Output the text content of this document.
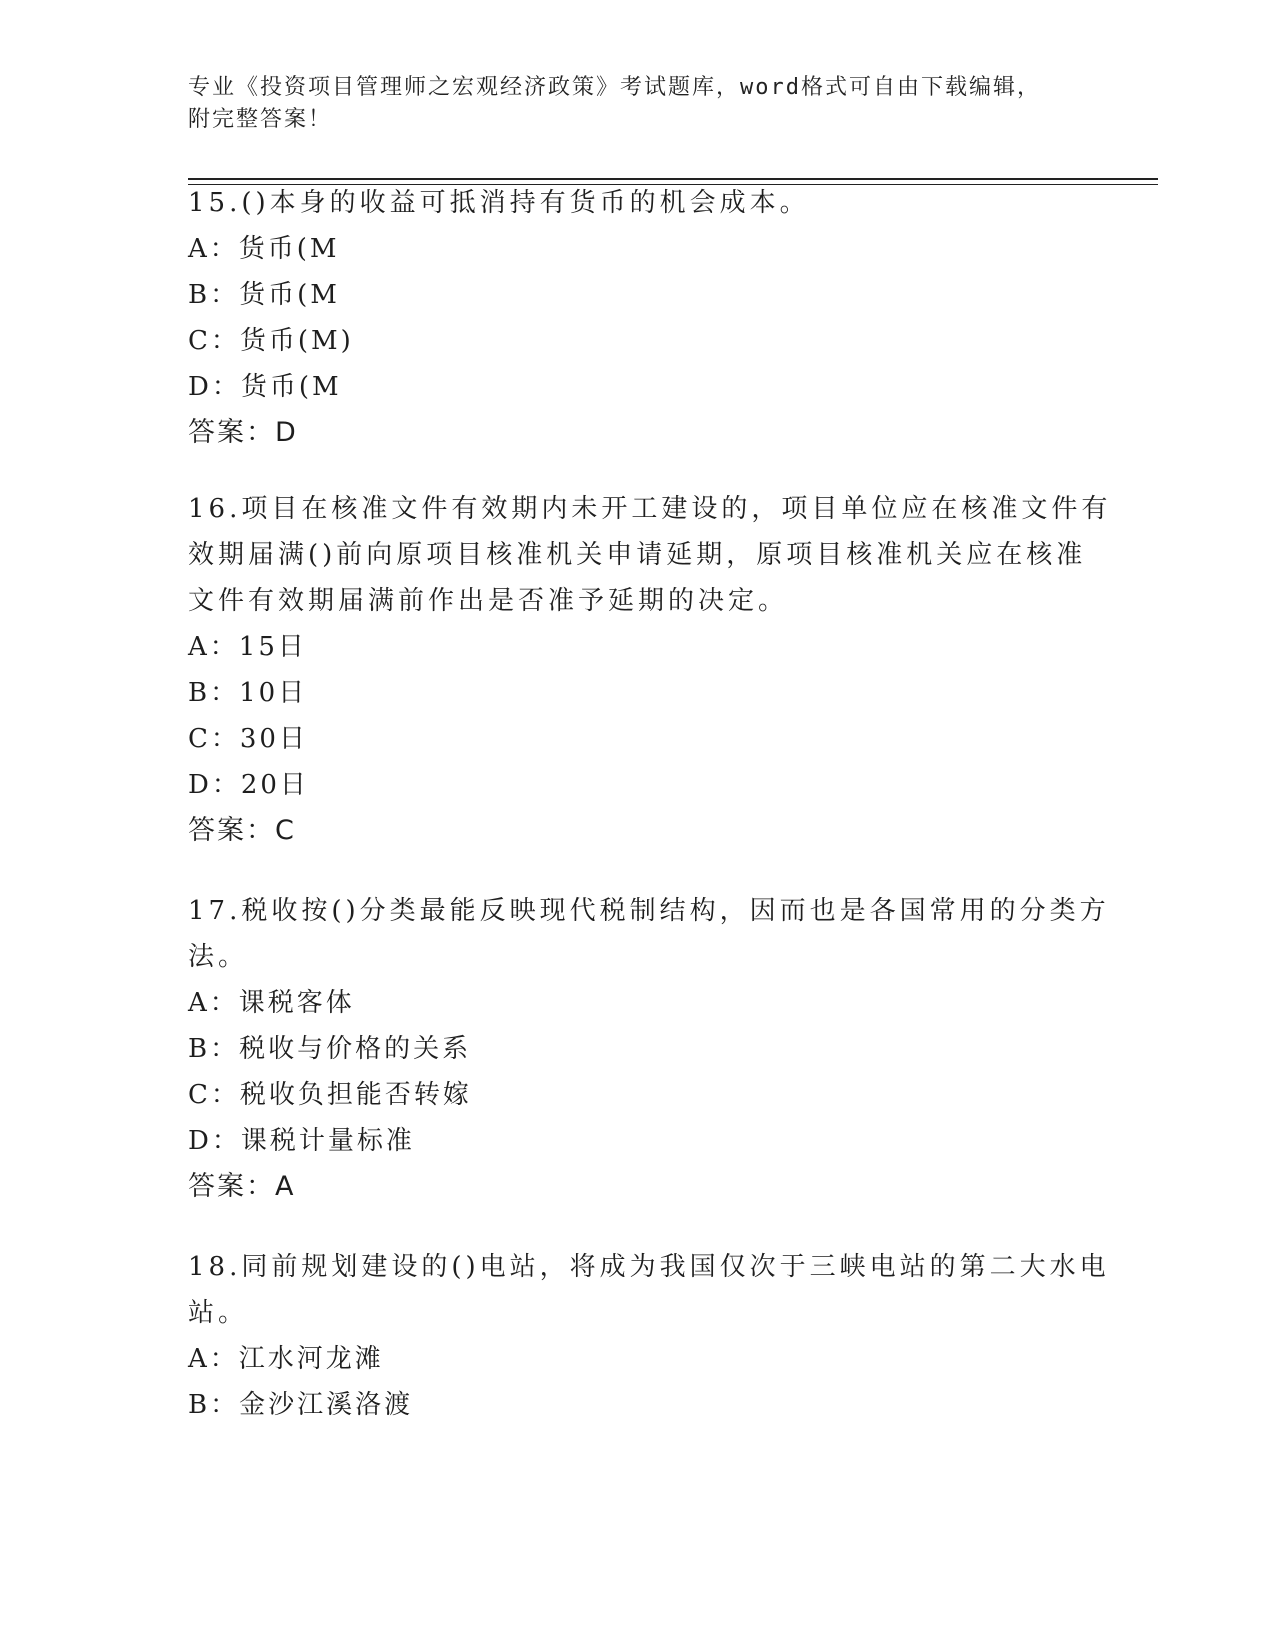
专业《投资项目管理师之宏观经济政策》考试题库，word格式可自由下载编辑，
附完整答案！
15.()本身的收益可抵消持有货币的机会成本。
A：货币(M
B：货币(M
C：货币(M)
D：货币(M
答案：D
16.项目在核准文件有效期内未开工建设的，项目单位应在核准文件有
效期届满()前向原项目核准机关申请延期，原项目核准机关应在核准
文件有效期届满前作出是否准予延期的决定。
A：15日
B：10日
C：30日
D：20日
答案：C
17.税收按()分类最能反映现代税制结构，因而也是各国常用的分类方
法。
A：课税客体
B：税收与价格的关系
C：税收负担能否转嫁
D：课税计量标准
答案：A
18.同前规划建设的()电站，将成为我国仅次于三峡电站的第二大水电
站。
A：江水河龙滩
B：金沙江溪洛渡
